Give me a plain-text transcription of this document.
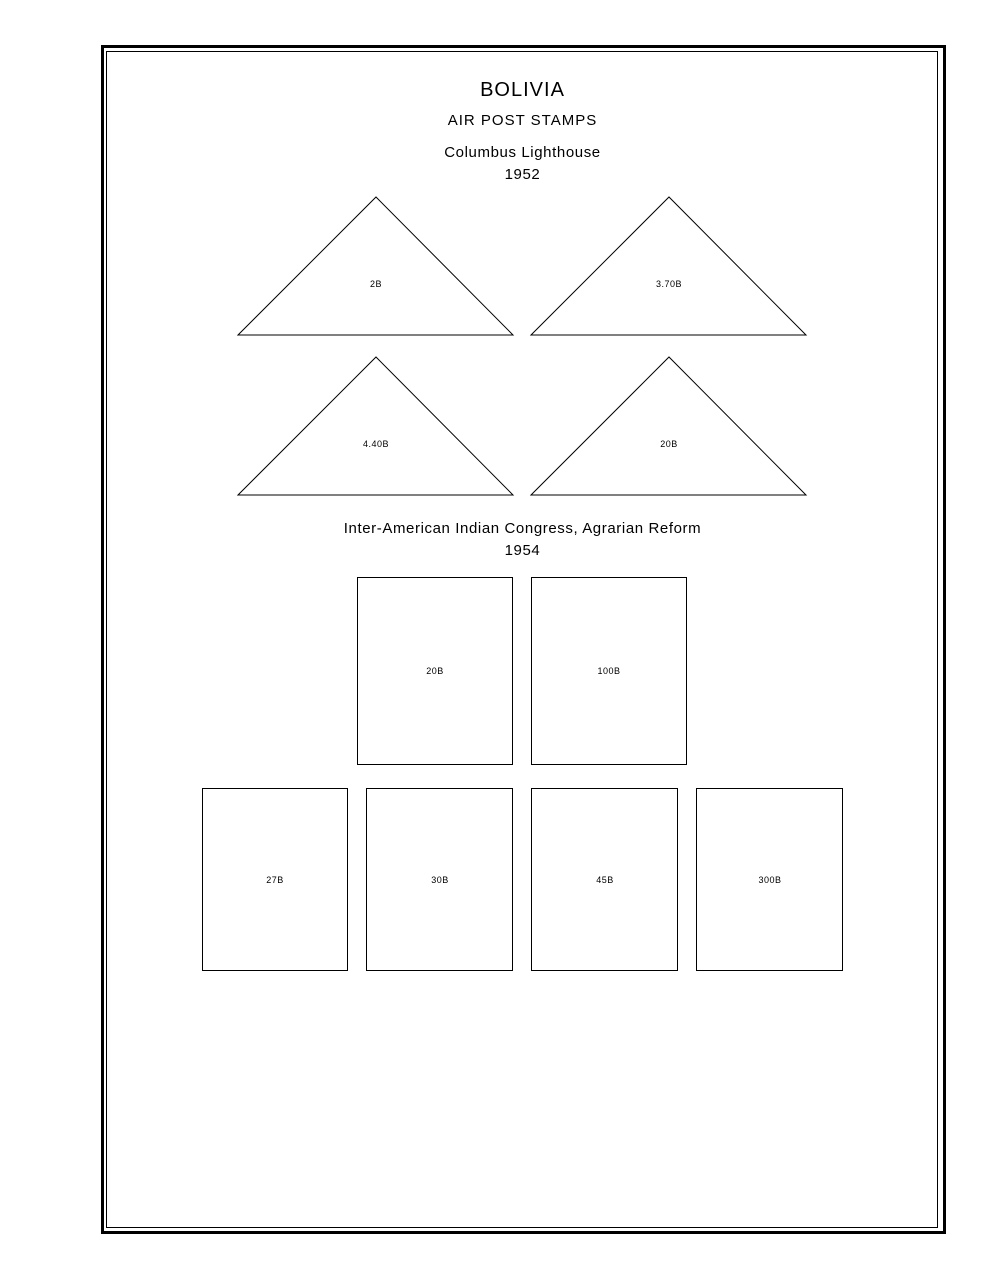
BOLIVIA
AIR POST STAMPS
Columbus Lighthouse
1952
2B	3.70B
4.40B	20B
Inter-American Indian Congress, Agrarian Reform
1954
20B	100B
27B	30B	45B	300B
